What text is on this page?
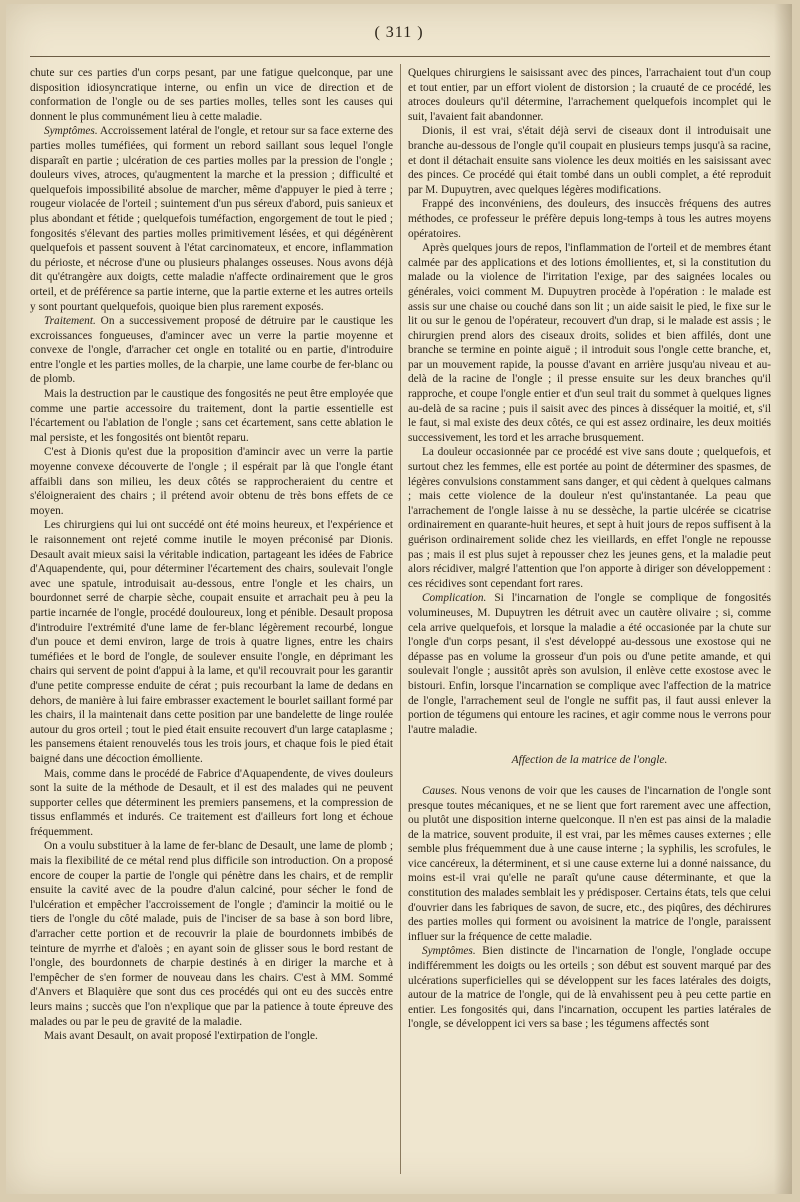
( 311 )

chute sur ces parties d'un corps pesant, par une fatigue quelconque, par une disposition idiosyncratique interne, ou enfin un vice de direction et de conformation de l'ongle ou de ses parties molles, telles sont les causes qui donnent le plus communément lieu à cette maladie.

Symptômes. Accroissement latéral de l'ongle, et retour sur sa face externe des parties molles tuméfiées, qui forment un rebord saillant sous lequel l'ongle disparaît en partie ; ulcération de ces parties molles par la pression de l'ongle ; douleurs vives, atroces, qu'augmentent la marche et la pression ; difficulté et quelquefois impossibilité absolue de marcher, même d'appuyer le pied à terre ; rougeur violacée de l'orteil ; suintement d'un pus séreux d'abord, puis sanieux et plus abondant et fétide ; quelquefois tuméfaction, engorgement de tout le pied ; fongosités s'élevant des parties molles primitivement lésées, et qui dégénèrent quelquefois et passent souvent à l'état carcinomateux, et encore, inflammation du périoste, et nécrose d'une ou plusieurs phalanges osseuses. Nous avons déjà dit qu'étrangère aux doigts, cette maladie n'affecte ordinairement que le gros orteil, et de préférence sa partie interne, que la partie externe et les autres orteils y sont pourtant quelquefois, quoique bien plus rarement exposés.

Traitement. On a successivement proposé de détruire par le caustique les excroissances fongueuses, d'amincer avec un verre la partie moyenne et convexe de l'ongle, d'arracher cet ongle en totalité ou en partie, d'introduire entre l'ongle et les parties molles, de la charpie, une lame courbe de fer-blanc ou de plomb.

Mais la destruction par le caustique des fongosités ne peut être employée que comme une partie accessoire du traitement, dont la partie essentielle est l'écartement ou l'ablation de l'ongle ; sans cet écartement, sans cette ablation le mal persiste, et les fongosités ont bientôt reparu.

C'est à Dionis qu'est due la proposition d'amincir avec un verre la partie moyenne convexe découverte de l'ongle ; il espérait par là que l'ongle étant affaibli dans son milieu, les deux côtés se rapprocheraient du centre et s'éloigneraient des chairs ; il prétend avoir obtenu de très bons effets de ce moyen.

Les chirurgiens qui lui ont succédé ont été moins heureux, et l'expérience et le raisonnement ont rejeté comme inutile le moyen préconisé par Dionis. Desault avait mieux saisi la véritable indication, partageant les idées de Fabrice d'Aquapendente, qui, pour déterminer l'écartement des chairs, soulevait l'ongle avec une spatule, introduisait au-dessous, entre l'ongle et les chairs, un bourdonnet serré de charpie sèche, coupait ensuite et arrachait peu à peu la partie incarnée de l'ongle, procédé douloureux, long et pénible. Desault proposa d'introduire l'extrémité d'une lame de fer-blanc légèrement recourbé, longue d'un pouce et demi environ, large de trois à quatre lignes, entre les chairs tuméfiées et le bord de l'ongle, de soulever ensuite l'ongle, en déprimant les chairs qui servent de point d'appui à la lame, et qu'il recouvrait pour les garantir d'une petite compresse enduite de cérat ; puis recourbant la lame de dedans en dehors, de manière à lui faire embrasser exactement le bourlet saillant formé par les chairs, il la maintenait dans cette position par une bandelette de linge roulée autour du gros orteil ; tout le pied était ensuite recouvert d'un large cataplasme ; les pansemens étaient renouvelés tous les trois jours, et chaque fois le pied était baigné dans une décoction émolliente.

Mais, comme dans le procédé de Fabrice d'Aquapendente, de vives douleurs sont la suite de la méthode de Desault, et il est des malades qui ne peuvent supporter celles que déterminent les premiers pansemens, et la compression de tissus enflammés et indurés. Ce traitement est d'ailleurs fort long et échoue fréquemment.

On a voulu substituer à la lame de fer-blanc de Desault, une lame de plomb ; mais la flexibilité de ce métal rend plus difficile son introduction. On a proposé encore de couper la partie de l'ongle qui pénètre dans les chairs, et de remplir ensuite la cavité avec de la poudre d'alun calciné, pour sécher le fond de l'ulcération et empêcher l'accroissement de l'ongle ; d'amincir la moitié ou le tiers de l'ongle du côté malade, puis de l'inciser de sa base à son bord libre, d'arracher cette portion et de recouvrir la plaie de bourdonnets imbibés de teinture de myrrhe et d'aloès ; en ayant soin de glisser sous le bord restant de l'ongle, des bourdonnets de charpie destinés à en diriger la marche et à l'empêcher de s'en former de nouveau dans les chairs. C'est à MM. Sommé d'Anvers et Blaquière que sont dus ces procédés qui ont eu des succès entre leurs mains ; succès que l'on n'explique que par la patience à toute épreuve des malades ou par le peu de gravité de la maladie.

Mais avant Desault, on avait proposé l'extirpation de l'ongle.

Quelques chirurgiens le saisissant avec des pinces, l'arrachaient tout d'un coup et tout entier, par un effort violent de distorsion ; la cruauté de ce procédé, les atroces douleurs qu'il détermine, l'arrachement quelquefois incomplet qui le suit, l'avaient fait abandonner.

Dionis, il est vrai, s'était déjà servi de ciseaux dont il introduisait une branche au-dessous de l'ongle qu'il coupait en plusieurs temps jusqu'à sa racine, et dont il détachait ensuite sans violence les deux moitiés en les saisissant avec des pinces. Ce procédé qui était tombé dans un oubli complet, a été reproduit par M. Dupuytren, avec quelques légères modifications.

Frappé des inconvéniens, des douleurs, des insuccès fréquens des autres méthodes, ce professeur le préfère depuis long-temps à tous les autres moyens opératoires.

Après quelques jours de repos, l'inflammation de l'orteil et de membres étant calmée par des applications et des lotions émollientes, et, si la constitution du malade ou la violence de l'irritation l'exige, par des saignées locales ou générales, voici comment M. Dupuytren procède à l'opération : le malade est assis sur une chaise ou couché dans son lit ; un aide saisit le pied, le fixe sur le lit ou sur le genou de l'opérateur, recouvert d'un drap, si le malade est assis ; le chirurgien prend alors des ciseaux droits, solides et bien affilés, dont une branche se termine en pointe aiguë ; il introduit sous l'ongle cette branche, et, par un mouvement rapide, la pousse d'avant en arrière jusqu'au niveau et au-delà de la racine de l'ongle ; il presse ensuite sur les deux branches qu'il rapproche, et coupe l'ongle entier et d'un seul trait du sommet à quelques lignes au-delà de sa racine ; puis il saisit avec des pinces à disséquer la moitié, et, s'il le faut, si mal existe des deux côtés, ce qui est assez ordinaire, les deux moitiés successivement, les tord et les arrache brusquement.

La douleur occasionnée par ce procédé est vive sans doute ; quelquefois, et surtout chez les femmes, elle est portée au point de déterminer des spasmes, de légères convulsions constamment sans danger, et qui cèdent à quelques calmans ; mais cette violence de la douleur n'est qu'instantanée. La peau que l'arrachement de l'ongle laisse à nu se dessèche, la partie ulcérée se cicatrise ordinairement en quarante-huit heures, et sept à huit jours de repos suffisent à la guérison ordinairement solide chez les vieillards, en effet l'ongle ne repousse pas ; mais il est plus sujet à repousser chez les jeunes gens, et la maladie peut alors récidiver, malgré l'attention que l'on apporte à diriger son développement : ces récidives sont cependant fort rares.

Complication. Si l'incarnation de l'ongle se complique de fongosités volumineuses, M. Dupuytren les détruit avec un cautère olivaire ; si, comme cela arrive quelquefois, et lorsque la maladie a été occasionée par la chute sur l'ongle d'un corps pesant, il s'est développé au-dessous une exostose qui ne dépasse pas en volume la grosseur d'un pois ou d'une petite amande, et qui soulevait l'ongle ; aussitôt après son avulsion, il enlève cette exostose avec le bistouri. Enfin, lorsque l'incarnation se complique avec l'affection de la matrice de l'ongle, l'arrachement seul de l'ongle ne suffit pas, il faut aussi enlever la portion de tégumens qui entoure les racines, et agir comme nous le verrons pour l'autre maladie.

Affection de la matrice de l'ongle.

Causes. Nous venons de voir que les causes de l'incarnation de l'ongle sont presque toutes mécaniques, et ne se lient que fort rarement avec une affection, ou plutôt une disposition interne quelconque. Il n'en est pas ainsi de la maladie de la matrice, souvent produite, il est vrai, par les mêmes causes externes ; elle semble plus fréquemment due à une cause interne ; la syphilis, les scrofules, le vice cancéreux, la déterminent, et si une cause externe lui a donné naissance, du moins est-il vrai qu'elle ne paraît qu'une cause déterminante, et que la constitution des malades semblait les y prédisposer. Certains états, tels que celui d'ouvrier dans les fabriques de savon, de sucre, etc., des piqûres, des déchirures des parties molles qui forment ou avoisinent la matrice de l'ongle, paraissent influer sur la fréquence de cette maladie.

Symptômes. Bien distincte de l'incarnation de l'ongle, l'onglade occupe indifféremment les doigts ou les orteils ; son début est souvent marqué par des ulcérations superficielles qui se développent sur les faces latérales des doigts, autour de la matrice de l'ongle, qui de là envahissent peu à peu cette partie en entier. Les fongosités qui, dans l'incarnation, occupent les parties latérales de l'ongle, se développent ici vers sa base ; les tégumens affectés sont
